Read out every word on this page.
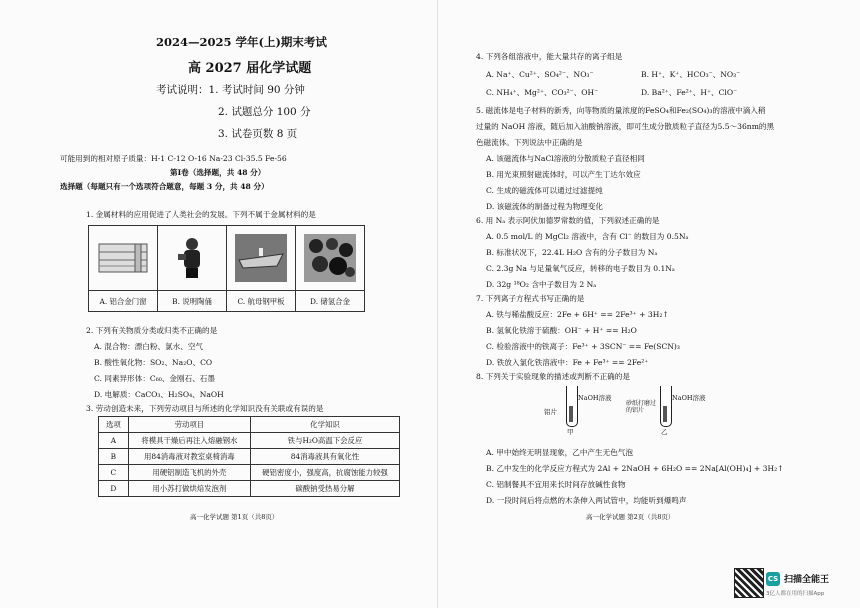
2024—2025 学年(上)期末考试
高 2027 届化学试题
考试说明：1. 考试时间 90 分钟
2. 试题总分 100 分
3. 试卷页数 8 页
可能用到的相对原子质量：H-1 C-12 O-16 Na-23 Cl-35.5 Fe-56
第Ⅰ卷（选择题，共 48 分）
选择题（每题只有一个选项符合题意，每题 3 分，共 48 分）
1. 金属材料的应用促进了人类社会的发展。下列不属于金属材料的是

A. 铝合金门窗	B. 说明陶俑	C. 航母钢甲板	D. 储氢合金
2. 下列有关物质分类或归类不正确的是
A. 混合物：漂白粉、氯水、空气
B. 酸性氧化物：SO₂、Na₂O、CO
C. 同素异形体：C₆₀、金刚石、石墨
D. 电解质：CaCO₃、H₂SO₄、NaOH
3. 劳动创造未来，下列劳动项目与所述的化学知识没有关联或有误的是
选项	劳动项目	化学知识
A	将模具干燥后再注入熔融钢水	铁与H₂O高温下会反应
B	用84消毒液对教室桌椅消毒	84消毒液具有氧化性
C	用硬铝制造飞机的外壳	硬铝密度小，强度高，抗腐蚀能力较强
D	用小苏打做烘焙发泡剂	碳酸钠受热易分解
高一化学试题 第1页（共8页）
4. 下列各组溶液中，能大量共存的离子组是
A. Na⁺、Cu²⁺、SO₄²⁻、NO₃⁻	B. H⁺、K⁺、HCO₃⁻、NO₃⁻
C. NH₄⁺、Mg²⁺、CO₃²⁻、OH⁻	D. Ba²⁺、Fe²⁺、H⁺、ClO⁻
5. 磁流体是电子材料的新秀，向等物质的量浓度的FeSO₄和Fe₂(SO₄)₃的溶液中滴入稍
过量的 NaOH 溶液，随后加入油酸钠溶液，即可生成分散质粒子直径为5.5～36nm的黑
色磁流体。下列说法中正确的是
A. 该磁流体与NaCl溶液的分散质粒子直径相同
B. 用光束照射磁流体时，可以产生丁达尔效应
C. 生成的磁流体可以通过过滤提纯
D. 该磁流体的制备过程为物理变化
6. 用 Nₐ 表示阿伏加德罗常数的值，下列叙述正确的是
A. 0.5 mol/L 的 MgCl₂ 溶液中，含有 Cl⁻ 的数目为 0.5Nₐ
B. 标准状况下，22.4L H₂O 含有的分子数目为 Nₐ
C. 2.3g Na 与足量氧气反应，转移的电子数目为 0.1Nₐ
D. 32g ¹⁸O₂ 含中子数目为 2 Nₐ
7. 下列离子方程式书写正确的是
A. 铁与稀盐酸反应：2Fe + 6H⁺ == 2Fe³⁺ + 3H₂↑
B. 氢氧化铁溶于硫酸：OH⁻ + H⁺ == H₂O
C. 检验溶液中的铁离子：Fe³⁺ + 3SCN⁻ == Fe(SCN)₃
D. 铁放入氯化铁溶液中：Fe + Fe³⁺ == 2Fe²⁺
8. 下列关于实验现象的描述或判断不正确的是
铝片
NaOH溶液
甲
砂纸打磨过的铝片
NaOH溶液
乙
A. 甲中始终无明显现象，乙中产生无色气泡
B. 乙中发生的化学反应方程式为 2Al + 2NaOH + 6H₂O == 2Na[Al(OH)₄] + 3H₂↑
C. 铝制餐具不宜用来长时间存放碱性食物
D. 一段时间后将点燃的木条伸入两试管中，均能听到爆鸣声
高一化学试题 第2页（共8页）
CS 扫描全能王
3亿人都在用的扫描App
